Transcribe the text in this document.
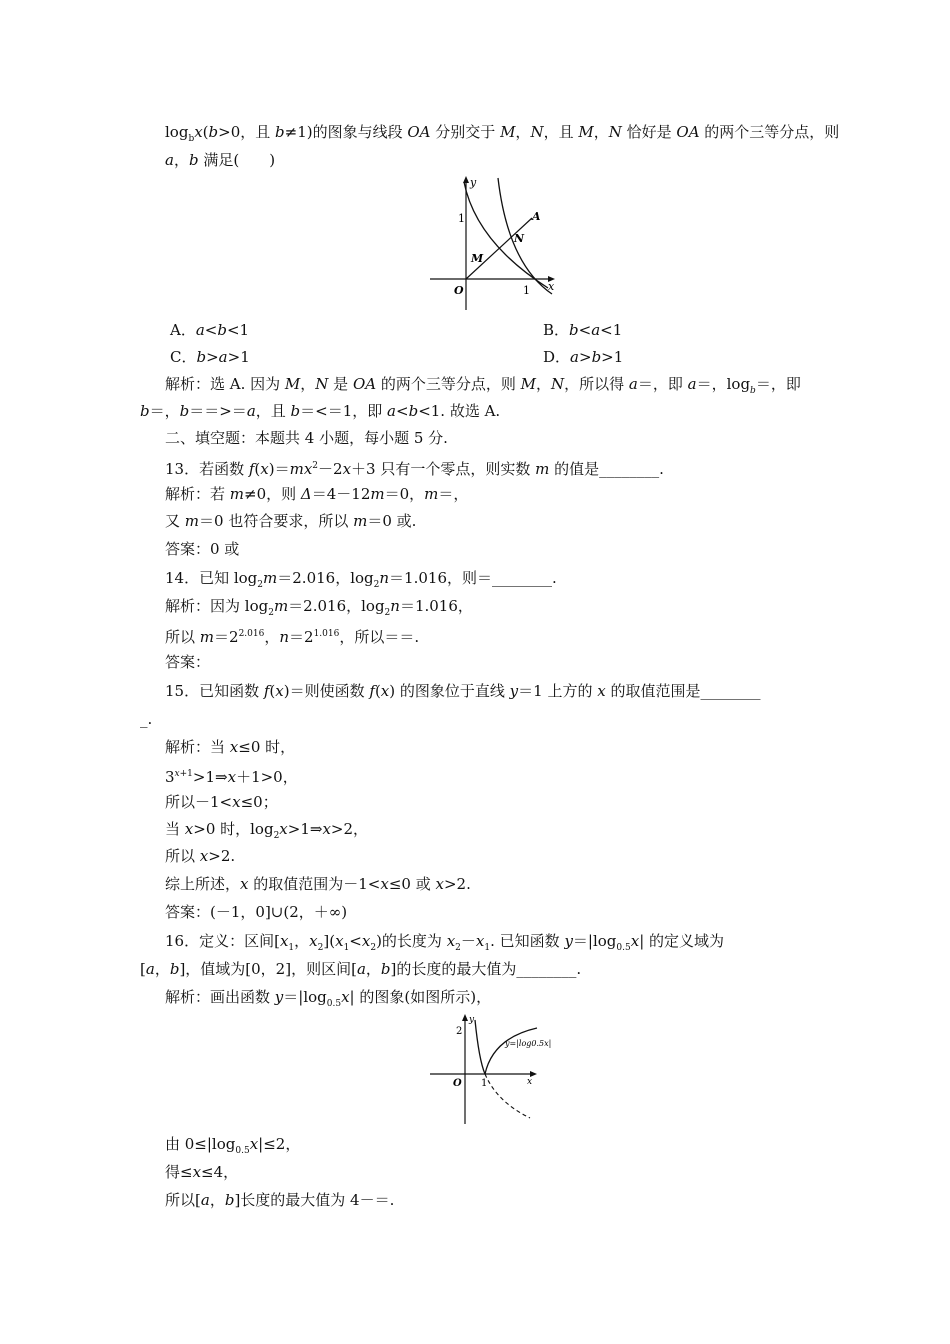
$\log_bx(b>0$，且 b≠1)的图象与线段 OA 分别交于 M，N，且 M，N 恰好是 OA 的两个三等分点，则
a，b 满足(　　)
y
x
1
1
O
A
N
M
A．a<b<1	B．b<a<1
C．b>a>1	D．a>b>1
解析：选 A. 因为 M，N 是 OA 的两个三等分点，则 M，N，所以得 a＝，即 a＝，$\log_b=$，即
b＝，b＝＝>＝a，且 b＝<＝1，即 a<b<1. 故选 A.
二、填空题：本题共 4 小题，每小题 5 分.
13．若函数 $f(x)=mx^2-2x+3$ 只有一个零点，则实数 m 的值是________.
解析：若 m≠0，则 Δ＝4－12m＝0，m＝，
又 m＝0 也符合要求，所以 m＝0 或.
答案：0 或
14．已知 $\log_2m=2.016$，$\log_2n=1.016$，则＝________.
解析：因为 $\log_2m=2.016$，$\log_2n=1.016$，
所以 $m=2^{2.016}$，$n=2^{1.016}$，所以＝＝.
答案：
15．已知函数 f(x)＝则使函数 f(x) 的图象位于直线 y＝1 上方的 x 的取值范围是________
_.
解析：当 x≤0 时，
$3^{x+1}>1\Rightarrow x+1>0$，
所以－1<x≤0；
当 x>0 时，$\log_2x>1\Rightarrow x>2$，
所以 x>2.
综上所述，x 的取值范围为－1<x≤0 或 x>2.
答案：(－1，0]∪(2，＋∞)
16．定义：区间[$x_1$，$x_2](x_1<x_2)$的长度为 $x_2-x_1$. 已知函数 $y=|\log_{0.5}x|$ 的定义域为
[a，b]，值域为[0，2]，则区间[a，b]的长度的最大值为________.
解析：画出函数 $y=|\log_{0.5}x|$ 的图象(如图所示)，
y
x
2
O 1
y=|log0.5x|
由 $0\le|\log_{0.5}x|\le 2$，
得≤x≤4，
所以[a，b]长度的最大值为 4－＝.
